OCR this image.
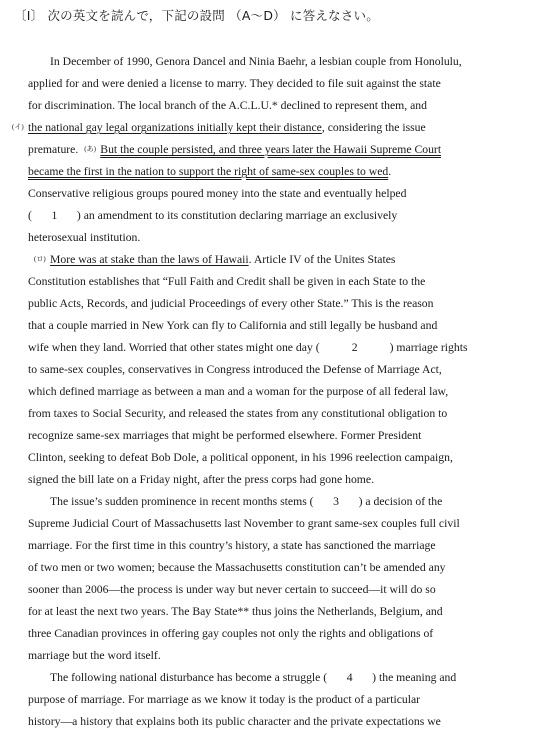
〔Ⅰ〕 次の英文を読んで，下記の設問 （A～D） に答えなさい。
In December of 1990, Genora Dancel and Ninia Baehr, a lesbian couple from Honolulu,
applied for and were denied a license to marry. They decided to file suit against the state
for discrimination. The local branch of the A.C.L.U.* declined to represent them, and
(イ) the national gay legal organizations initially kept their distance, considering the issue
premature. (あ) But the couple persisted, and three years later the Hawaii Supreme Court
became the first in the nation to support the right of same-sex couples to wed.
Conservative religious groups poured money into the state and eventually helped
( 1 ) an amendment to its constitution declaring marriage an exclusively
heterosexual institution.
(ロ) More was at stake than the laws of Hawaii. Article IV of the Unites States
Constitution establishes that “Full Faith and Credit shall be given in each State to the
public Acts, Records, and judicial Proceedings of every other State.” This is the reason
that a couple married in New York can fly to California and still legally be husband and
wife when they land. Worried that other states might one day (	2	) marriage rights
to same-sex couples, conservatives in Congress introduced the Defense of Marriage Act,
which defined marriage as between a man and a woman for the purpose of all federal law,
from taxes to Social Security, and released the states from any constitutional obligation to
recognize same-sex marriages that might be performed elsewhere. Former President
Clinton, seeking to defeat Bob Dole, a political opponent, in his 1996 reelection campaign,
signed the bill late on a Friday night, after the press corps had gone home.
The issue’s sudden prominence in recent months stems ( 3 ) a decision of the
Supreme Judicial Court of Massachusetts last November to grant same-sex couples full civil
marriage. For the first time in this country’s history, a state has sanctioned the marriage
of two men or two women; because the Massachusetts constitution can’t be amended any
sooner than 2006—the process is under way but never certain to succeed—it will do so
for at least the next two years. The Bay State** thus joins the Netherlands, Belgium, and
three Canadian provinces in offering gay couples not only the rights and obligations of
marriage but the word itself.
The following national disturbance has become a struggle ( 4 ) the meaning and
purpose of marriage. For marriage as we know it today is the product of a particular
history—a history that explains both its public character and the private expectations we
